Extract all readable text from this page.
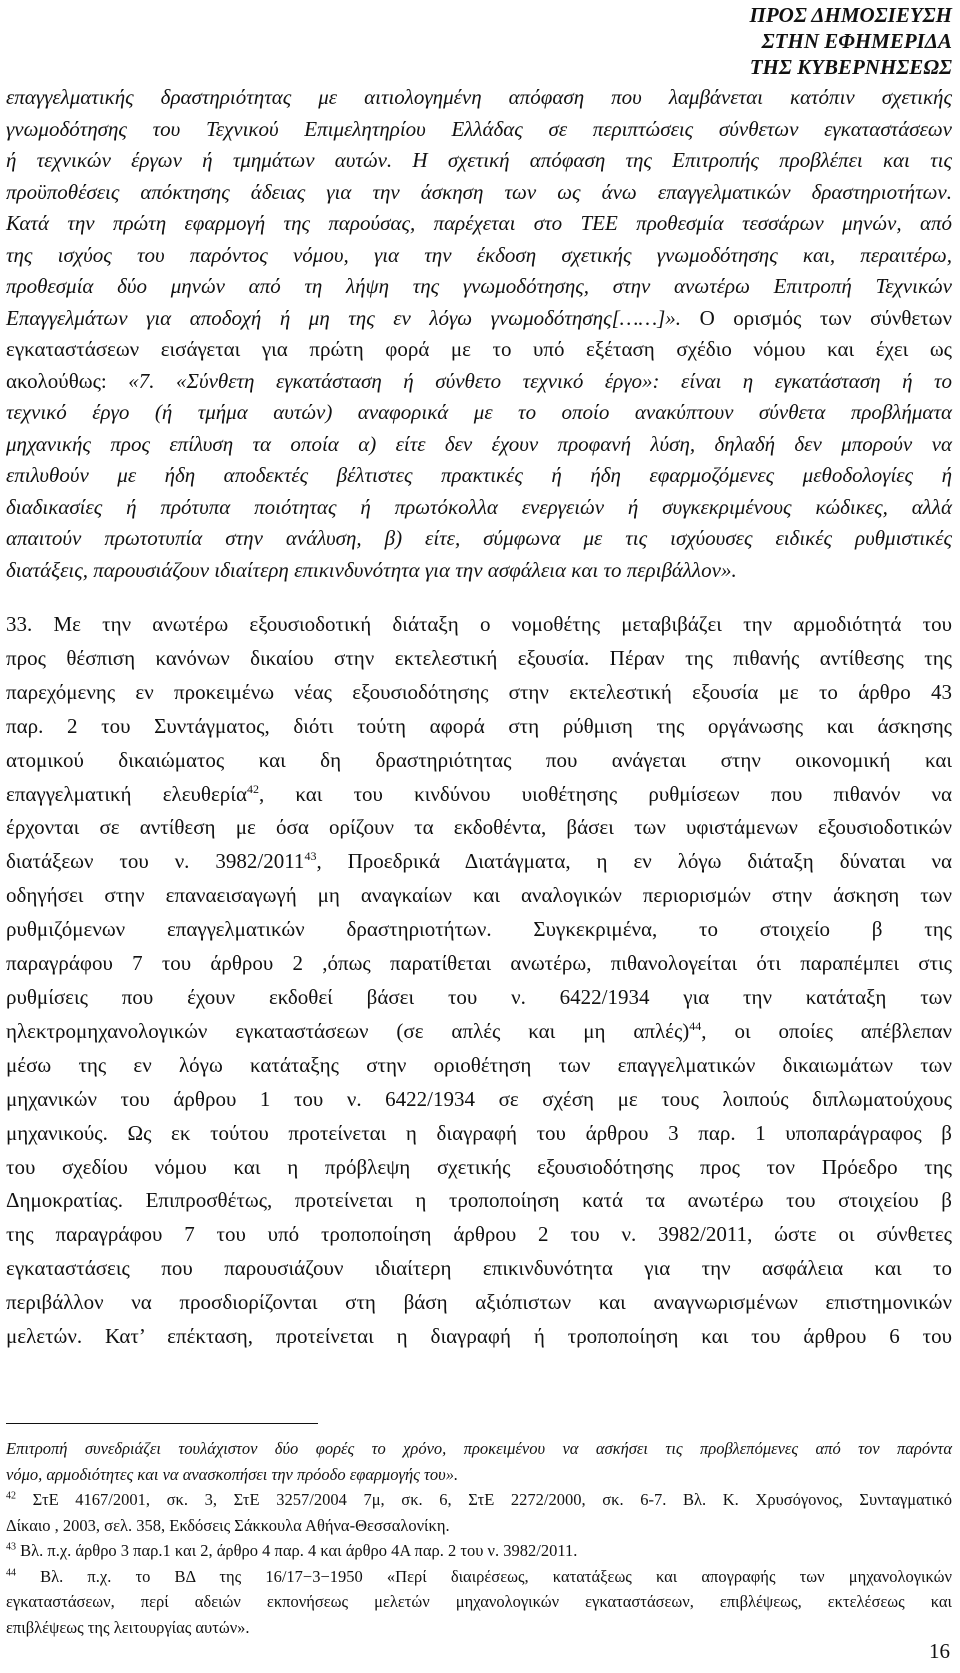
ΠΡΟΣ ΔΗΜΟΣΙΕΥΣΗ
ΣΤΗΝ ΕΦΗΜΕΡΙΔΑ
ΤΗΣ ΚΥΒΕΡΝΗΣΕΩΣ
επαγγελματικής δραστηριότητας με αιτιολογημένη απόφαση που λαμβάνεται κατόπιν σχετικής
γνωμοδότησης του Τεχνικού Επιμελητηρίου Ελλάδας σε περιπτώσεις σύνθετων εγκαταστάσεων
ή τεχνικών έργων ή τμημάτων αυτών. Η σχετική απόφαση της Επιτροπής προβλέπει και τις
προϋποθέσεις απόκτησης άδειας για την άσκηση των ως άνω επαγγελματικών δραστηριοτήτων.
Κατά την πρώτη εφαρμογή της παρούσας, παρέχεται στο ΤΕΕ προθεσμία τεσσάρων μηνών, από
της ισχύος του παρόντος νόμου, για την έκδοση σχετικής γνωμοδότησης και, περαιτέρω,
προθεσμία δύο μηνών από τη λήψη της γνωμοδότησης, στην ανωτέρω Επιτροπή Τεχνικών
Επαγγελμάτων για αποδοχή ή μη της εν λόγω γνωμοδότησης[……]». Ο ορισμός των σύνθετων
εγκαταστάσεων εισάγεται για πρώτη φορά με το υπό εξέταση σχέδιο νόμου και έχει ως
ακολούθως: «7. «Σύνθετη εγκατάσταση ή σύνθετο τεχνικό έργο»: είναι η εγκατάσταση ή το
τεχνικό έργο (ή τμήμα αυτών) αναφορικά με το οποίο ανακύπτουν σύνθετα προβλήματα
μηχανικής προς επίλυση τα οποία α) είτε δεν έχουν προφανή λύση, δηλαδή δεν μπορούν να
επιλυθούν με ήδη αποδεκτές βέλτιστες πρακτικές ή ήδη εφαρμοζόμενες μεθοδολογίες ή
διαδικασίες ή πρότυπα ποιότητας ή πρωτόκολλα ενεργειών ή συγκεκριμένους κώδικες, αλλά
απαιτούν πρωτοτυπία στην ανάλυση, β) είτε, σύμφωνα με τις ισχύουσες ειδικές ρυθμιστικές
διατάξεις, παρουσιάζουν ιδιαίτερη επικινδυνότητα για την ασφάλεια και το περιβάλλον».
33. Με την ανωτέρω εξουσιοδοτική διάταξη ο νομοθέτης μεταβιβάζει την αρμοδιότητά του
προς θέσπιση κανόνων δικαίου στην εκτελεστική εξουσία. Πέραν της πιθανής αντίθεσης της
παρεχόμενης εν προκειμένω νέας εξουσιοδότησης στην εκτελεστική εξουσία με το άρθρο 43
παρ. 2 του Συντάγματος, διότι τούτη αφορά στη ρύθμιση της οργάνωσης και άσκησης
ατομικού δικαιώματος και δη δραστηριότητας που ανάγεται στην οικονομική και
επαγγελματική ελευθερία$^{42}$, και του κινδύνου υιοθέτησης ρυθμίσεων που πιθανόν να
έρχονται σε αντίθεση με όσα ορίζουν τα εκδοθέντα, βάσει των υφιστάμενων εξουσιοδοτικών
διατάξεων του ν. 3982/2011$^{43}$, Προεδρικά Διατάγματα, η εν λόγω διάταξη δύναται να
οδηγήσει στην επαναεισαγωγή μη αναγκαίων και αναλογικών περιορισμών στην άσκηση των
ρυθμιζόμενων επαγγελματικών δραστηριοτήτων. Συγκεκριμένα, το στοιχείο β της
παραγράφου 7 του άρθρου 2 ,όπως παρατίθεται ανωτέρω, πιθανολογείται ότι παραπέμπει στις
ρυθμίσεις που έχουν εκδοθεί βάσει του ν. 6422/1934 για την κατάταξη των
ηλεκτρομηχανολογικών εγκαταστάσεων (σε απλές και μη απλές)$^{44}$, οι οποίες απέβλεπαν
μέσω της εν λόγω κατάταξης στην οριοθέτηση των επαγγελματικών δικαιωμάτων των
μηχανικών του άρθρου 1 του ν. 6422/1934 σε σχέση με τους λοιπούς διπλωματούχους
μηχανικούς. Ως εκ τούτου προτείνεται η διαγραφή του άρθρου 3 παρ. 1 υποπαράγραφος β
του σχεδίου νόμου και η πρόβλεψη σχετικής εξουσιοδότησης προς τον Πρόεδρο της
Δημοκρατίας. Επιπροσθέτως, προτείνεται η τροποποίηση κατά τα ανωτέρω του στοιχείου β
της παραγράφου 7 του υπό τροποποίηση άρθρου 2 του ν. 3982/2011, ώστε οι σύνθετες
εγκαταστάσεις που παρουσιάζουν ιδιαίτερη επικινδυνότητα για την ασφάλεια και το
περιβάλλον να προσδιορίζονται στη βάση αξιόπιστων και αναγνωρισμένων επιστημονικών
μελετών. Κατ’ επέκταση, προτείνεται η διαγραφή ή τροποποίηση και του άρθρου 6 του
Επιτροπή συνεδριάζει τουλάχιστον δύο φορές το χρόνο, προκειμένου να ασκήσει τις προβλεπόμενες από τον παρόντα
νόμο, αρμοδιότητες και να ανασκοπήσει την πρόοδο εφαρμογής του».
$^{42}$ ΣτΕ 4167/2001, σκ. 3, ΣτΕ 3257/2004 7μ, σκ. 6, ΣτΕ 2272/2000, σκ. 6-7. Βλ. Κ. Χρυσόγονος, Συνταγματικό
Δίκαιο , 2003, σελ. 358, Εκδόσεις Σάκκουλα Αθήνα-Θεσσαλονίκη.
$^{43}$ Βλ. π.χ. άρθρο 3 παρ.1 και 2, άρθρο 4 παρ. 4 και άρθρο 4Α παρ. 2 του ν. 3982/2011.
$^{44}$ Βλ. π.χ. το ΒΔ της 16/17−3−1950 «Περί διαιρέσεως, κατατάξεως και απογραφής των μηχανολογικών
εγκαταστάσεων, περί αδειών εκπονήσεως μελετών μηχανολογικών εγκαταστάσεων, επιβλέψεως, εκτελέσεως και
επιβλέψεως της λειτουργίας αυτών».
16
